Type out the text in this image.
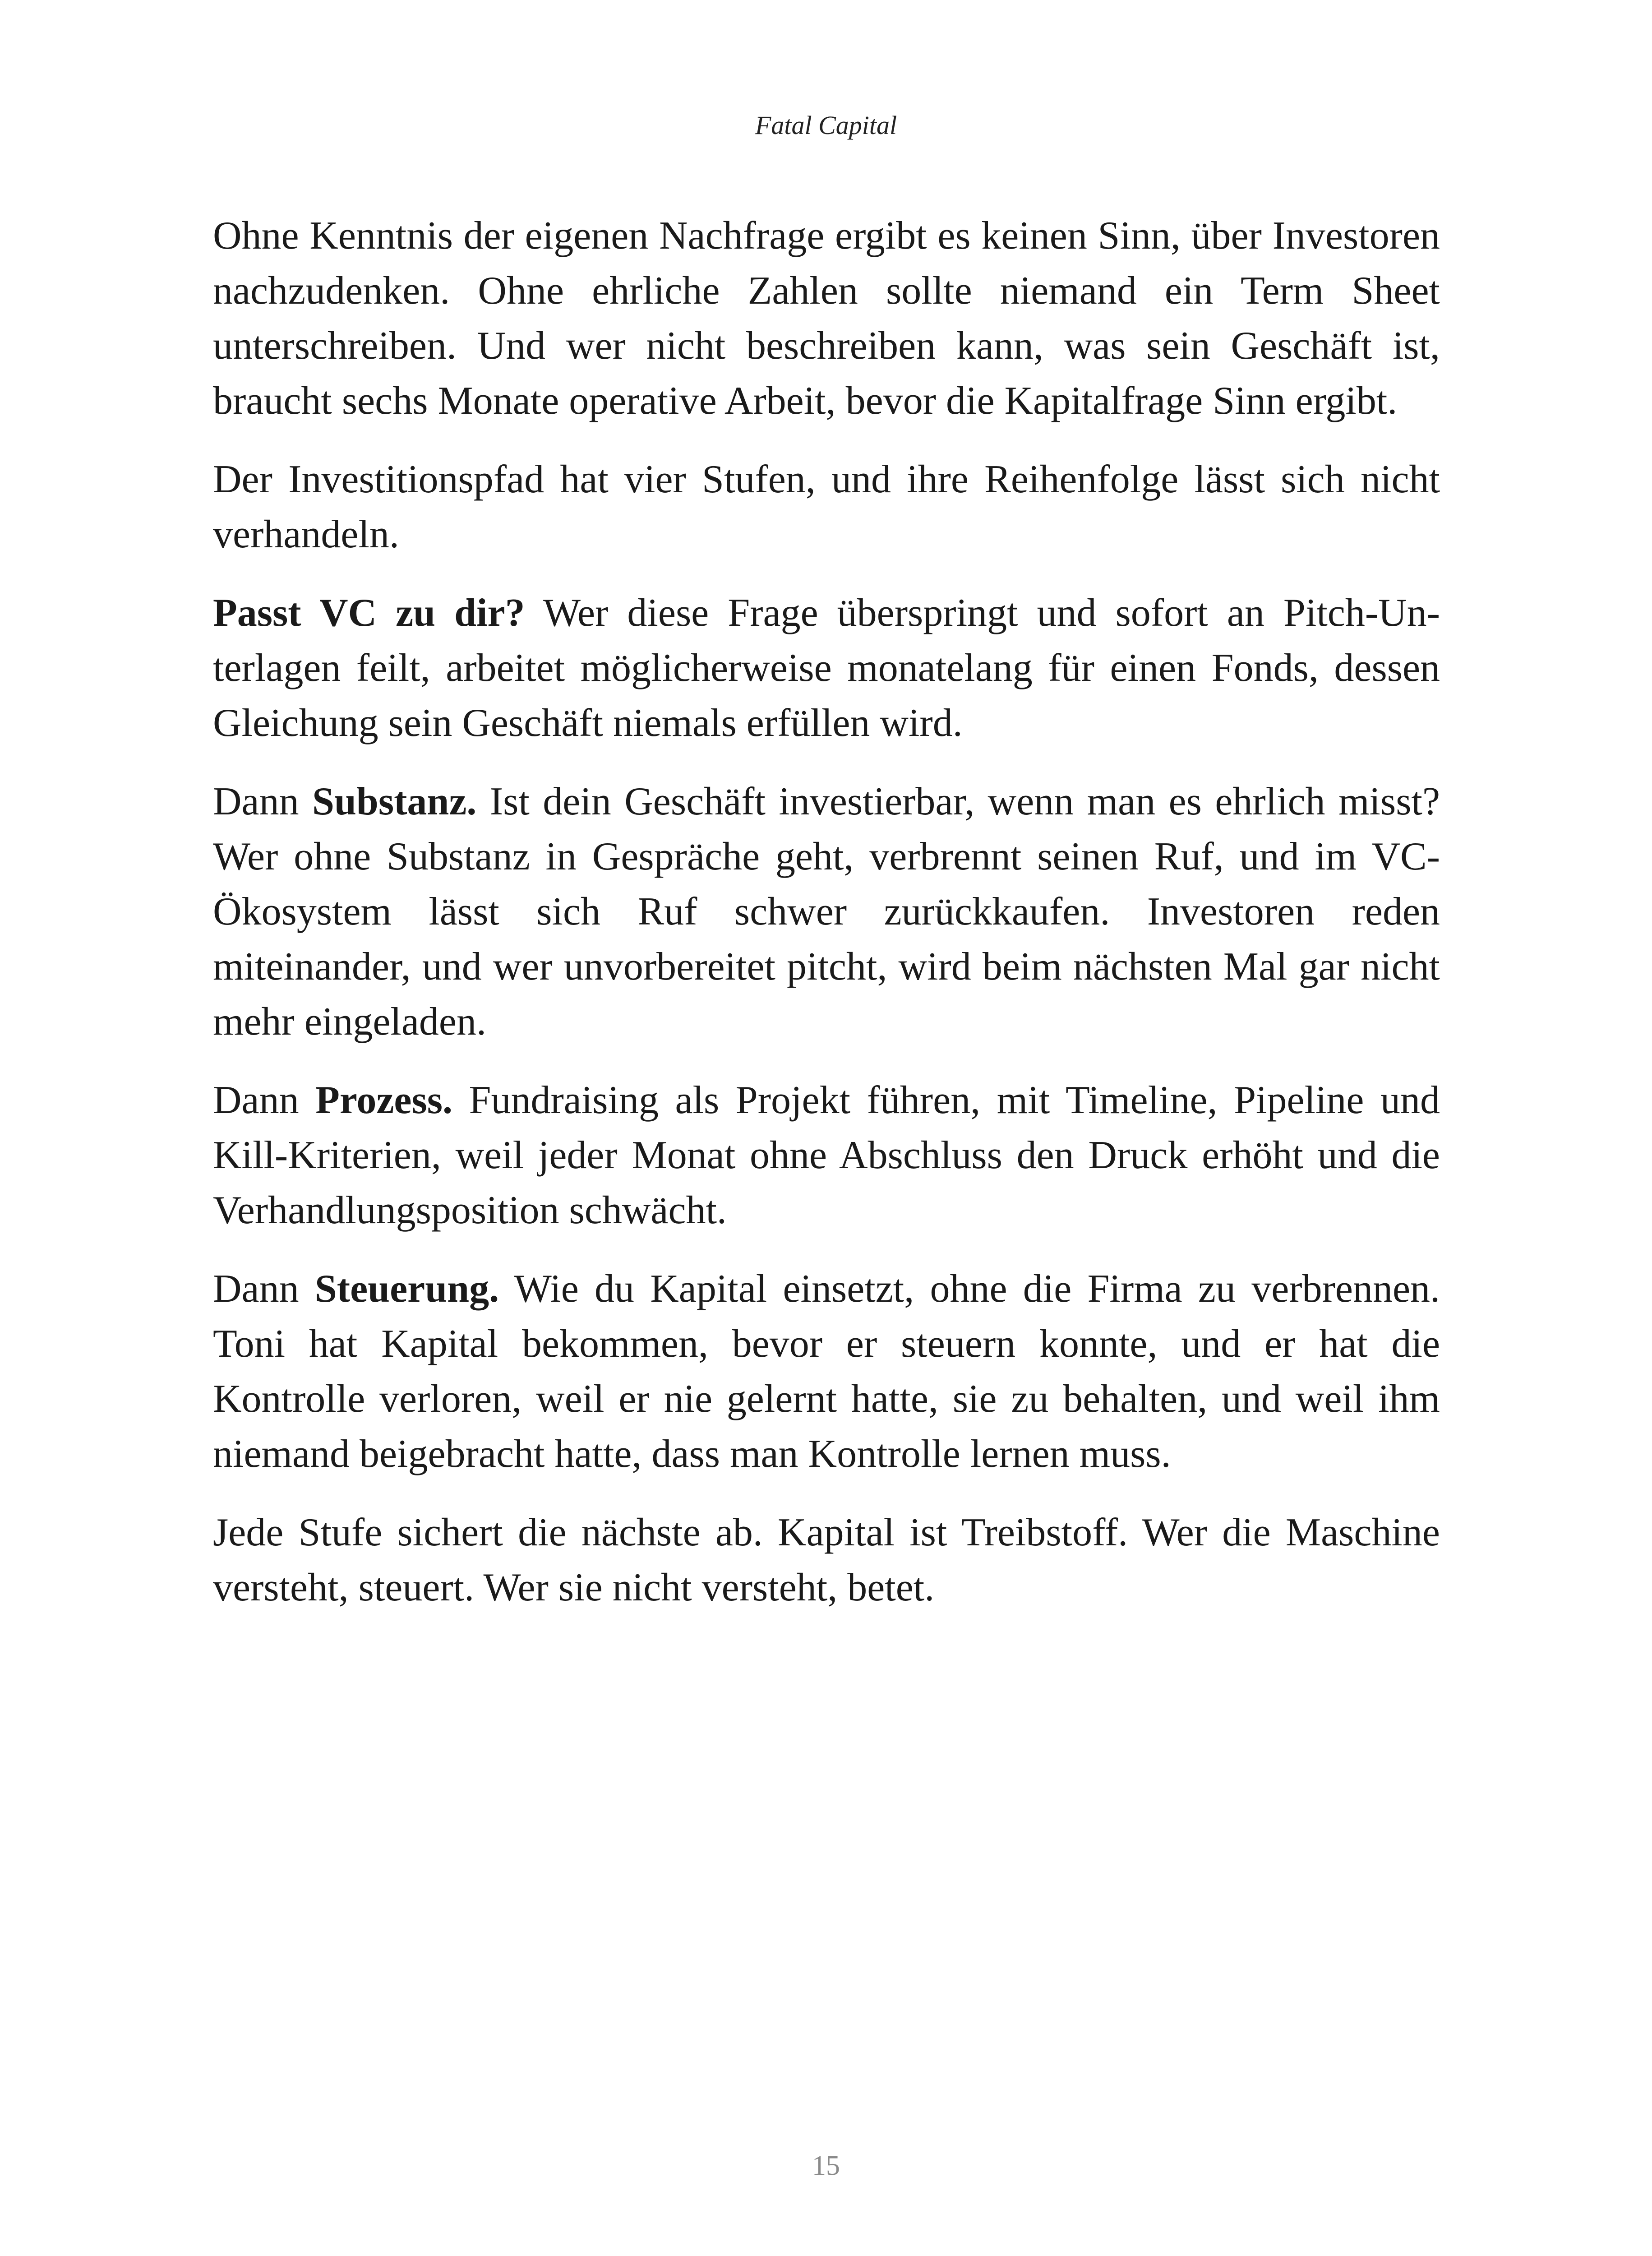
Fatal Capital

Ohne Kenntnis der eigenen Nachfrage ergibt es keinen Sinn, über Investoren nachzudenken. Ohne ehrliche Zahlen sollte niemand ein Term Sheet unterschreiben. Und wer nicht beschreiben kann, was sein Geschäft ist, braucht sechs Monate operative Arbeit, bevor die Kapitalfrage Sinn ergibt.

Der Investitionspfad hat vier Stufen, und ihre Reihenfolge lässt sich nicht verhandeln.

Passt VC zu dir? Wer diese Frage überspringt und sofort an Pitch-Unterlagen feilt, arbeitet möglicherweise monatelang für einen Fonds, dessen Gleichung sein Geschäft niemals erfüllen wird.

Dann Substanz. Ist dein Geschäft investierbar, wenn man es ehrlich misst? Wer ohne Substanz in Gespräche geht, verbrennt seinen Ruf, und im VC-Ökosystem lässt sich Ruf schwer zurückkaufen. Investoren reden miteinander, und wer unvorbereitet pitcht, wird beim nächsten Mal gar nicht mehr eingeladen.

Dann Prozess. Fundraising als Projekt führen, mit Timeline, Pipeline und Kill-Kriterien, weil jeder Monat ohne Abschluss den Druck erhöht und die Verhandlungsposition schwächt.

Dann Steuerung. Wie du Kapital einsetzt, ohne die Firma zu verbrennen. Toni hat Kapital bekommen, bevor er steuern konnte, und er hat die Kontrolle verloren, weil er nie gelernt hatte, sie zu behalten, und weil ihm niemand beigebracht hatte, dass man Kontrolle lernen muss.

Jede Stufe sichert die nächste ab. Kapital ist Treibstoff. Wer die Maschine versteht, steuert. Wer sie nicht versteht, betet.

15
